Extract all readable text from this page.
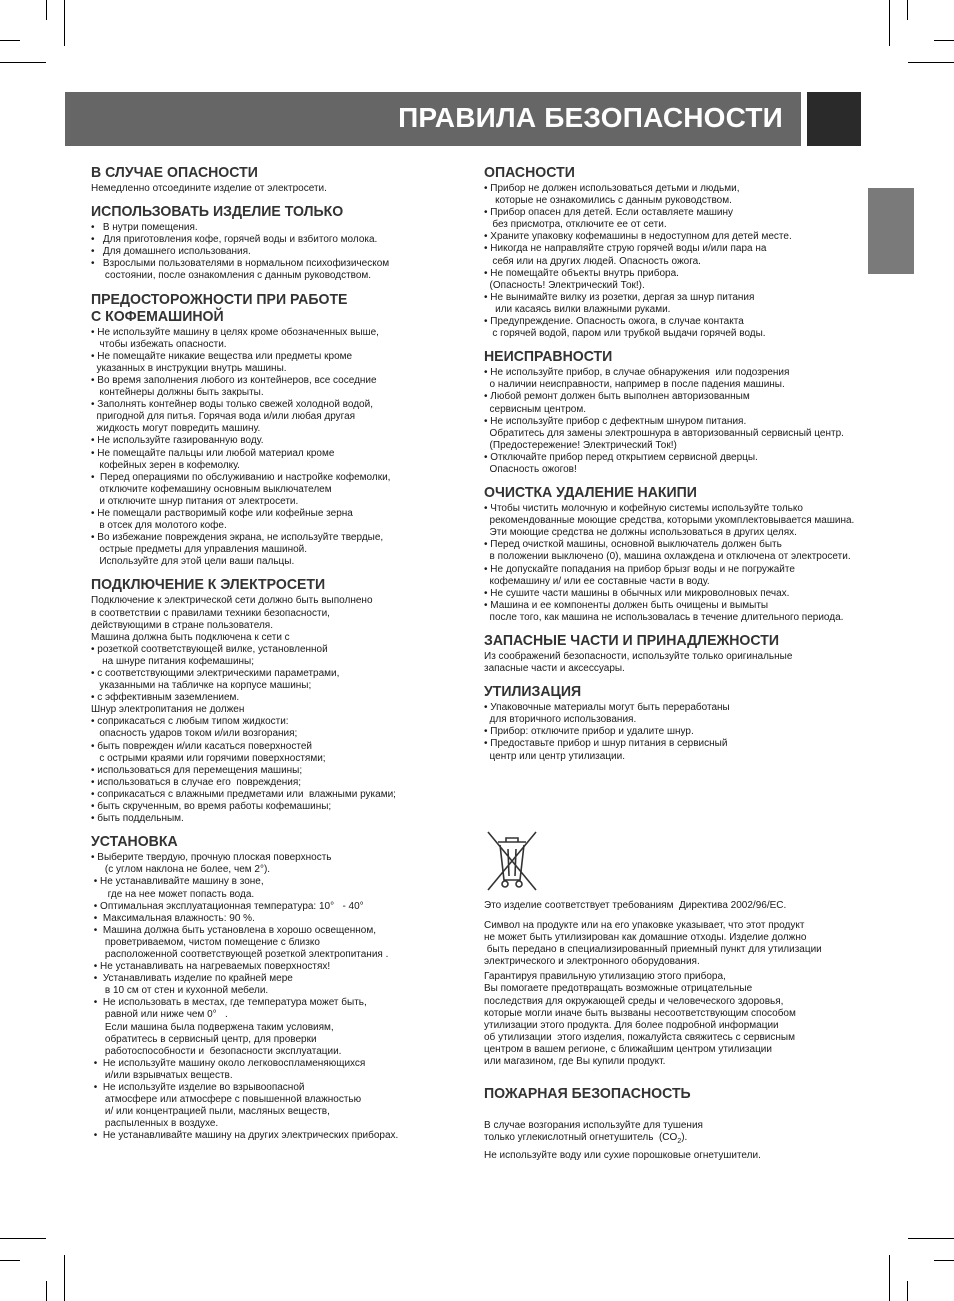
ПРАВИЛА БЕЗОПАСНОСТИ
В СЛУЧАЕ ОПАСНОСТИ
Немедленно отсоедините изделие от электросети.
ИСПОЛЬЗОВАТЬ ИЗДЕЛИЕ ТОЛЬКО
•   В нутри помещения.
•   Для приготовления кофе, горячей воды и взбитого молока.
•   Для домашнего использования.
•   Взрослыми пользователями в нормальном психофизическом
состоянии, после ознакомления с данным руководством.
ПРЕДОСТОРОЖНОСТИ ПРИ РАБОТЕ
С КОФЕМАШИНОЙ
• Не используйте машину в целях кроме обозначенных выше,
чтобы избежать опасности.
• Не помещайте никакие вещества или предметы кроме
указанных в инструкции внутрь машины.
• Во время заполнения любого из контейнеров, все соседние
контейнеры должны быть закрыты.
• Заполнять контейнер воды только свежей холодной водой,
пригодной для питья. Горячая вода и/или любая другая
жидкость могут повредить машину.
• Не используйте газированную воду.
• Не помещайте пальцы или любой материал кроме
кофейных зерен в кофемолку.
•  Перед операциями по обслуживанию и настройке кофемолки,
отключите кофемашину основным выключателем
и отключите шнур питания от электросети.
• Не помещали растворимый кофе или кофейные зерна
в отсек для молотого кофе.
• Во избежание повреждения экрана, не используйте твердые,
острые предметы для управления машиной.
Используйте для этой цели ваши пальцы.
ПОДКЛЮЧЕНИЕ К ЭЛЕКТРОСЕТИ
Подключение к электрической сети должно быть выполнено
в соответствии с правилами техники безопасности,
действующими в стране пользователя.
Машина должна быть подключена к сети с
• розеткой соответствующей вилке, установленной
на шнуре питания кофемашины;
• с соответствующими электрическими параметрами,
указанными на табличке на корпусе машины;
• с эффективным заземлением.
Шнур электропитания не должен
• соприкасаться с любым типом жидкости:
опасность ударов током и/или возгорания;
• быть поврежден и/или касаться поверхностей
с острыми краями или горячими поверхностями;
• использоваться для перемещения машины;
• использоваться в случае его  повреждения;
• соприкасаться с влажными предметами или  влажными руками;
• быть скрученным, во время работы кофемашины;
• быть поддельным.
УСТАНОВКА
• Выберите твердую, прочную плоская поверхность
(с углом наклона не более, чем 2°).
• Не устанавливайте машину в зоне,
где на нее может попасть вода.
• Оптимальная эксплуатационная температура: 10°   - 40°
•  Максимальная влажность: 90 %.
•  Машина должна быть установлена в хорошо освещенном,
проветриваемом, чистом помещение с близко
расположенной соответствующей розеткой электропитания .
• Не устанавливать на нагреваемых поверхностях!
•  Устанавливать изделие по крайней мере
в 10 см от стен и кухонной мебели.
•  Не использовать в местах, где температура может быть,
равной или ниже чем 0°   .
Если машина была подвержена таким условиям,
обратитесь в сервисный центр, для проверки
работоспособности и  безопасности эксплуатации.
•  Не используйте машину около легковоспламеняющихся
и/или взрывчатых веществ.
•  Не используйте изделие во взрывоопасной
атмосфере или атмосфере с повышенной влажностью
и/ или концентрацией пыли, масляных веществ,
распыленных в воздухе.
•  Не устанавливайте машину на других электрических приборах.
ОПАСНОСТИ
• Прибор не должен использоваться детьми и людьми,
которые не ознакомились с данным руководством.
• Прибор опасен для детей. Если оставляете машину
без присмотра, отключите ее от сети.
• Храните упаковку кофемашины в недоступном для детей месте.
• Никогда не направляйте струю горячей воды и/или пара на
себя или на других людей. Опасность ожога.
• Не помещайте объекты внутрь прибора.
(Опасность! Электрический Ток!).
• Не вынимайте вилку из розетки, дергая за шнур питания
или касаясь вилки влажными руками.
• Предупреждение. Опасность ожога, в случае контакта
с горячей водой, паром или трубкой выдачи горячей воды.
НЕИСПРАВНОСТИ
• Не используйте прибор, в случае обнаружения  или подозрения
о наличии неисправности, например в после падения машины.
• Любой ремонт должен быть выполнен авторизованным
сервисным центром.
• Не используйте прибор с дефектным шнуром питания.
Обратитесь для замены электрошнура в авторизованный сервисный центр.
(Предостережение! Электрический Ток!)
• Отключайте прибор перед открытием сервисной дверцы.
Опасность ожогов!
ОЧИСТКА УДАЛЕНИЕ НАКИПИ
• Чтобы чистить молочную и кофейную системы используйте только
рекомендованные моющие средства, которыми укомплектовывается машина.
Эти моющие средства не должны использоваться в других целях.
• Перед очисткой машины, основной выключатель должен быть
в положении выключено (0), машина охлаждена и отключена от электросети.
• Не допускайте попадания на прибор брызг воды и не погружайте
кофемашину и/ или ее составные части в воду.
• Не сушите части машины в обычных или микроволновых печах.
• Машина и ее компоненты должен быть очищены и вымыты
после того, как машина не использовалась в течение длительного периода.
ЗАПАСНЫЕ ЧАСТИ И ПРИНАДЛЕЖНОСТИ
Из соображений безопасности, используйте только оригинальные
запасные части и аксессуары.
УТИЛИЗАЦИЯ
• Упаковочные материалы могут быть переработаны
для вторичного использования.
• Прибор: отключите прибор и удалите шнур.
• Предоставьте прибор и шнур питания в сервисный
центр или центр утилизации.
Это изделие соответствует требованиям  Директива 2002/96/EC.
Символ на продукте или на его упаковке указывает, что этот продукт
не может быть утилизирован как домашние отходы. Изделие должно
быть передано в специализированный приемный пункт для утилизации
электрического и электронного оборудования.
Гарантируя правильную утилизацию этого прибора,
Вы помогаете предотвращать возможные отрицательные
последствия для окружающей среды и человеческого здоровья,
которые могли иначе быть вызваны несоответствующим способом
утилизации этого продукта. Для более подробной информации
об утилизации  этого изделия, пожалуйста свяжитесь с сервисным
центром в вашем регионе, с ближайшим центром утилизации
или магазином, где Вы купили продукт.
ПОЖАРНАЯ БЕЗОПАСНОСТЬ
В случае возгорания используйте для тушения
только углекислотный огнетушитель  $(CO_2)$.
Не используйте воду или сухие порошковые огнетушители.
